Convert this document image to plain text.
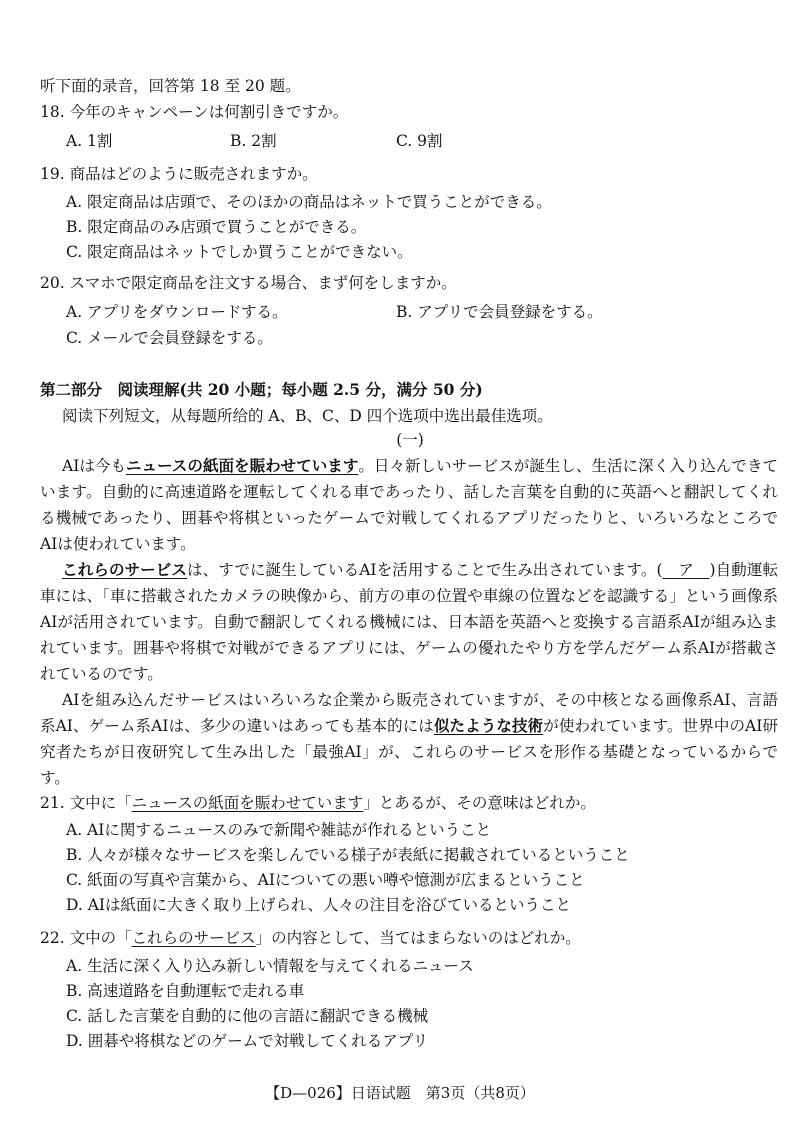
听下面的录音，回答第 18 至 20 题。
18. 今年のキャンペーンは何割引きですか。
A. 1割	B. 2割	C. 9割
19. 商品はどのように販売されますか。
A. 限定商品は店頭で、そのほかの商品はネットで買うことができる。
B. 限定商品のみ店頭で買うことができる。
C. 限定商品はネットでしか買うことができない。
20. スマホで限定商品を注文する場合、まず何をしますか。
A. アプリをダウンロードする。	B. アプリで会員登録をする。
C. メールで会員登録をする。
第二部分　阅读理解(共 20 小题；每小题 2.5 分，满分 50 分)
阅读下列短文，从每题所给的 A、B、C、D 四个选项中选出最佳选项。
(一)
AIは今もニュースの紙面を賑わせています。日々新しいサービスが誕生し、生活に深く入り込んできています。自動的に高速道路を運転してくれる車であったり、話した言葉を自動的に英語へと翻訳してくれる機械であったり、囲碁や将棋といったゲームで対戦してくれるアプリだったりと、いろいろなところでAIは使われています。
これらのサービスは、すでに誕生しているAIを活用することで生み出されています。(　ア　)自動運転車には、「車に搭載されたカメラの映像から、前方の車の位置や車線の位置などを認識する」という画像系AIが活用されています。自動で翻訳してくれる機械には、日本語を英語へと変換する言語系AIが組み込まれています。囲碁や将棋で対戦ができるアプリには、ゲームの優れたやり方を学んだゲーム系AIが搭載されているのです。
AIを組み込んだサービスはいろいろな企業から販売されていますが、その中核となる画像系AI、言語系AI、ゲーム系AIは、多少の違いはあっても基本的には似たような技術が使われています。世界中のAI研究者たちが日夜研究して生み出した「最強AI」が、これらのサービスを形作る基礎となっているからです。
21. 文中に「ニュースの紙面を賑わせています」とあるが、その意味はどれか。
A. AIに関するニュースのみで新聞や雑誌が作れるということ
B. 人々が様々なサービスを楽しんでいる様子が表紙に掲載されているということ
C. 紙面の写真や言葉から、AIについての悪い噂や憶測が広まるということ
D. AIは紙面に大きく取り上げられ、人々の注目を浴びているということ
22. 文中の「これらのサービス」の内容として、当てはまらないのはどれか。
A. 生活に深く入り込み新しい情報を与えてくれるニュース
B. 高速道路を自動運転で走れる車
C. 話した言葉を自動的に他の言語に翻訳できる機械
D. 囲碁や将棋などのゲームで対戦してくれるアプリ
【D—026】日语试题　第3页（共8页）
